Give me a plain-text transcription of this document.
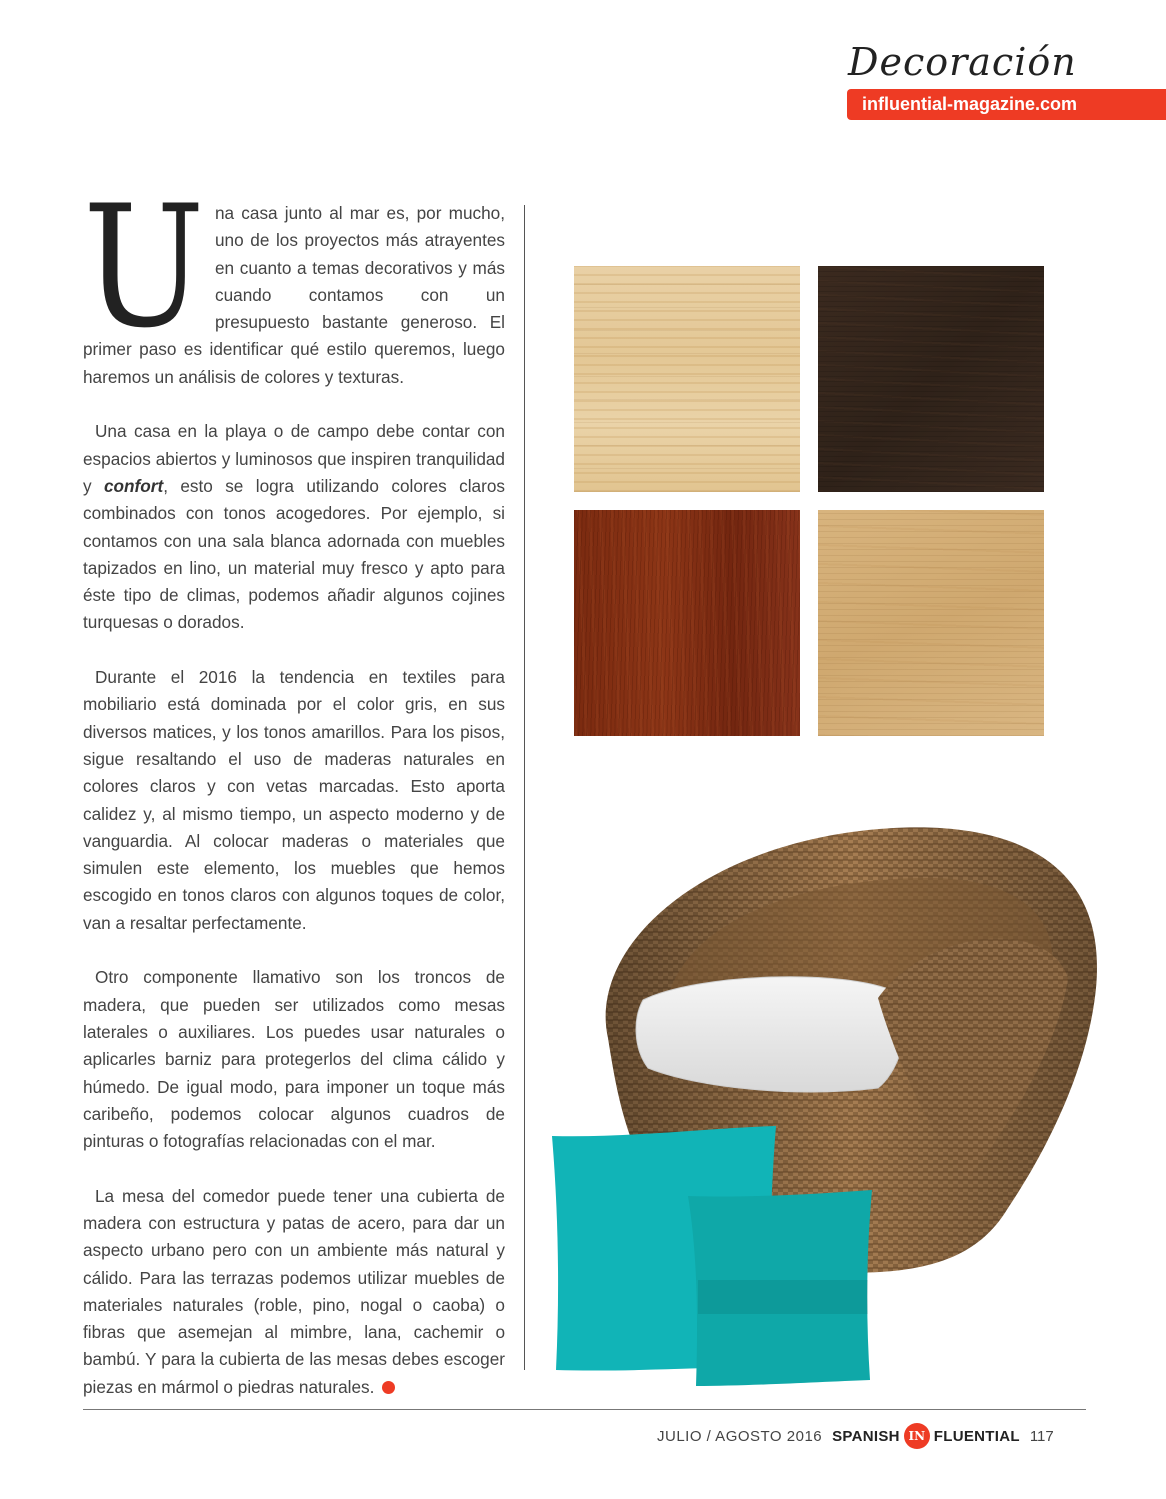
Decoración
influential-magazine.com

U na casa junto al mar es, por mucho, uno de los proyectos más atrayentes en cuanto a temas decorativos y más cuando contamos con un presupuesto bastante generoso. El primer paso es identificar qué estilo queremos, luego haremos un análisis de colores y texturas.

Una casa en la playa o de campo debe contar con espacios abiertos y luminosos que inspiren tranquilidad y confort, esto se logra utilizando colores claros combinados con tonos acogedores. Por ejemplo, si contamos con una sala blanca adornada con muebles tapizados en lino, un material muy fresco y apto para éste tipo de climas, podemos añadir algunos cojines turquesas o dorados.

Durante el 2016 la tendencia en textiles para mobiliario está dominada por el color gris, en sus diversos matices, y los tonos amarillos. Para los pisos, sigue resaltando el uso de maderas naturales en colores claros y con vetas marcadas. Esto aporta calidez y, al mismo tiempo, un aspecto moderno y de vanguardia. Al colocar maderas o materiales que simulen este elemento, los muebles que hemos escogido en tonos claros con algunos toques de color, van a resaltar perfectamente.

Otro componente llamativo son los troncos de madera, que pueden ser utilizados como mesas laterales o auxiliares. Los puedes usar naturales o aplicarles barniz para protegerlos del clima cálido y húmedo. De igual modo, para imponer un toque más caribeño, podemos colocar algunos cuadros de pinturas o fotografías relacionadas con el mar.

La mesa del comedor puede tener una cubierta de madera con estructura y patas de acero, para dar un aspecto urbano pero con un ambiente más natural y cálido. Para las terrazas podemos utilizar muebles de materiales naturales (roble, pino, nogal o caoba) o fibras que asemejan al mimbre, lana, cachemir o bambú. Y para la cubierta de las mesas debes escoger piezas en mármol o piedras naturales.

JULIO / AGOSTO 2016 SPANISH IN FLUENTIAL 117
